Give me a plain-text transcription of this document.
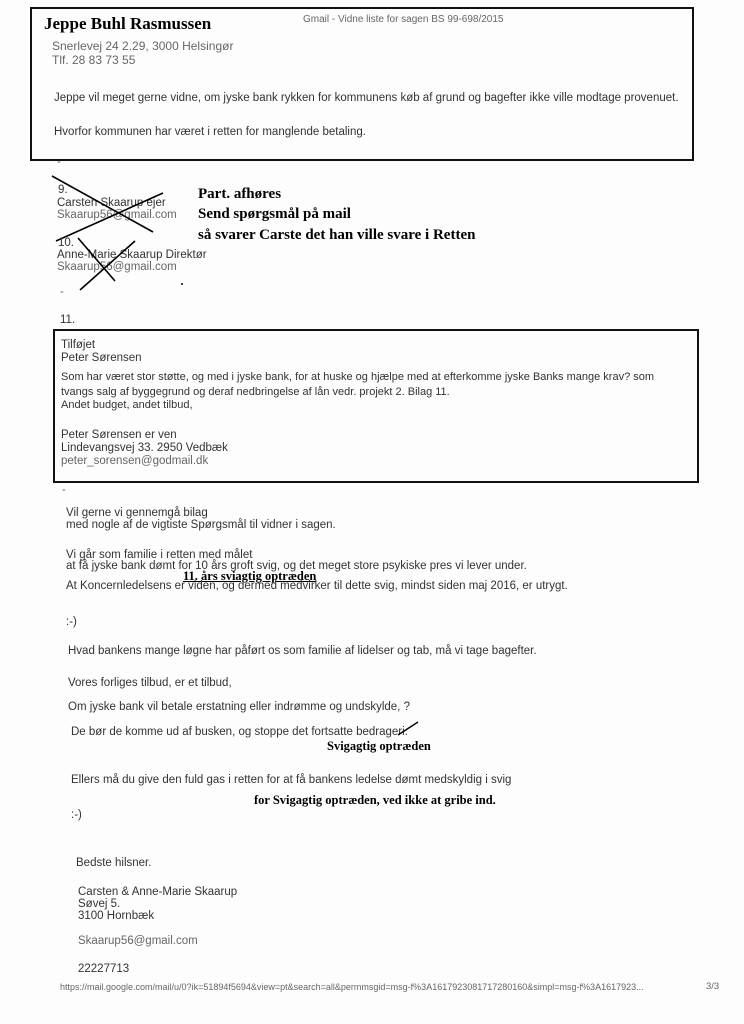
Jeppe Buhl Rasmussen	Gmail - Vidne liste for sagen BS 99-698/2015
Snerlevej 24 2.29, 3000 Helsingør
Tlf. 28 83 73 55
Jeppe vil meget gerne vidne, om jyske bank rykken for kommunens køb af grund og bagefter ikke ville modtage provenuet.
Hvorfor kommunen har været i retten for manglende betaling.
-
9.
Carsten Skaarup ejer
Skaarup56@gmail.com
10.
Anne-Marie Skaarup Direktør
Skaarup56@gmail.com
Part. afhøres
Send spørgsmål på mail
så svarer Carste det han ville svare i Retten
-
11.
Tilføjet
Peter Sørensen
Som har været stor støtte, og med i jyske bank, for at huske og hjælpe med at efterkomme jyske Banks mange krav? som
tvangs salg af byggegrund og deraf nedbringelse af lån vedr. projekt 2. Bilag 11.
Andet budget, andet tilbud,
Peter Sørensen er ven
Lindevangsvej 33. 2950 Vedbæk
peter_sorensen@godmail.dk
-
Vil gerne vi gennemgå bilag
med nogle af de vigtiste Spørgsmål til vidner i sagen.
Vi går som familie i retten med målet
at få jyske bank dømt for 10 års groft svig, og det meget store psykiske pres vi lever under.
11. års sviagtig optræden
At Koncernledelsens er viden, og dermed medvirker til dette svig, mindst siden maj 2016, er utrygt.
:-)
Hvad bankens mange løgne har påført os som familie af lidelser og tab, må vi tage bagefter.
Vores forliges tilbud, er et tilbud,
Om jyske bank vil betale erstatning eller indrømme og undskylde, ?
De bør de komme ud af busken, og stoppe det fortsatte bedrageri.
Svigagtig optræden
Ellers må du give den fuld gas i retten for at få bankens ledelse dømt medskyldig i svig
for Svigagtig optræden, ved ikke at gribe ind.
:-)
Bedste hilsner.
Carsten & Anne-Marie Skaarup
Søvej 5.
3100 Hornbæk
Skaarup56@gmail.com
22227713
https://mail.google.com/mail/u/0?ik=51894f5694&view=pt&search=all&permmsgid=msg-f%3A1617923081717280160&simpl=msg-f%3A1617923...	3/3
